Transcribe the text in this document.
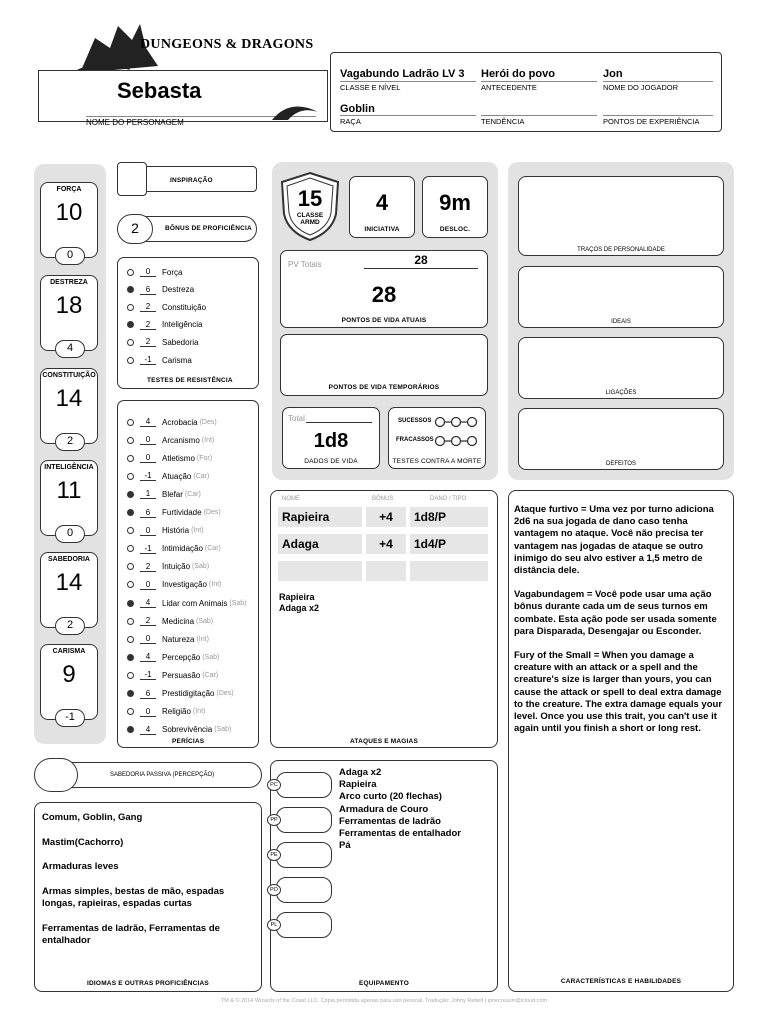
DUNGEONS & DRAGONS
Sebasta
NOME DO PERSONAGEM
Vagabundo Ladrão LV 3
CLASSE E NÍVEL
Herói do povo
ANTECEDENTE
Jon
NOME DO JOGADOR
Goblin
RAÇA	TENDÊNCIA	PONTOS DE EXPERIÊNCIA
FORÇA
10
0
DESTREZA
18
4
CONSTITUIÇÃO
14
2
INTELIGÊNCIA
11
0
SABEDORIA
14
2
CARISMA
9
-1
INSPIRAÇÃO
2	BÔNUS DE PROFICIÊNCIA
0	Força
6	Destreza
2	Constituição
2	Inteligência
2	Sabedoria
-1	Carisma
TESTES DE RESISTÊNCIA
4	Acrobacia (Des)
0	Arcanismo (Int)
0	Atletismo (For)
-1	Atuação (Car)
1	Blefar (Car)
6	Furtividade (Des)
0	História (Int)
-1	Intimidação (Car)
2	Intuição (Sab)
0	Investigação (Int)
4	Lidar com Animais (Sab)
2	Medicina (Sab)
0	Natureza (Int)
4	Percepção (Sab)
-1	Persuasão (Car)
6	Prestidigitação (Des)
0	Religião (Int)
4	Sobrevivência (Sab)
PERÍCIAS
15
CLASSE ARMD
4
INICIATIVA
9m
DESLOC.
PV Totais	28
28
PONTOS DE VIDA ATUAIS
PONTOS DE VIDA TEMPORÁRIOS
Total
1d8
DADOS DE VIDA
SUCESSOS
FRACASSOS
TESTES CONTRA A MORTE
TRAÇOS DE PERSONALIDADE
IDEAIS
LIGAÇÕES
DEFEITOS
NOME	BÔNUS	DANO / TIPO
Rapieira	+4	1d8/P
Adaga	+4	1d4/P
Rapieira
Adaga x2
ATAQUES E MAGIAS

Ataque furtivo = Uma vez por turno adiciona 2d6 na sua jogada de dano caso tenha vantagem no ataque. Você não precisa ter vantagem nas jogadas de ataque se outro inimigo do seu alvo estiver a 1,5 metro de distância dele.

Vagabundagem = Você pode usar uma ação bônus durante cada um de seus turnos em combate. Esta ação pode ser usada somente para Disparada, Desengajar ou Esconder.

Fury of the Small = When you damage a creature with an attack or a spell and the creature's size is larger than yours, you can cause the attack or spell to deal extra damage to the creature. The extra damage equals your level. Once you use this trait, you can't use it again until you finish a short or long rest.

CARACTERÍSTICAS E HABILIDADES
SABEDORIA PASSIVA (PERCEPÇÃO)
Comum, Goblin, Gang
Mastim(Cachorro)
Armaduras leves
Armas simples, bestas de mão, espadas longas, rapieiras, espadas curtas
Ferramentas de ladrão, Ferramentas de entalhador
IDIOMAS E OUTRAS PROFICIÊNCIAS
PC
PP
PE
PO
PL
Adaga x2
Rapieira
Arco curto (20 flechas)
Armadura de Couro
Ferramentas de ladrão
Ferramentas de entalhador
Pá
EQUIPAMENTO
TM & © 2014 Wizards of the Coast LLC. Cópia permitida apenas para uso pessoal. Tradução: Johny Rebelt | jonecreasrr@icloud.com
